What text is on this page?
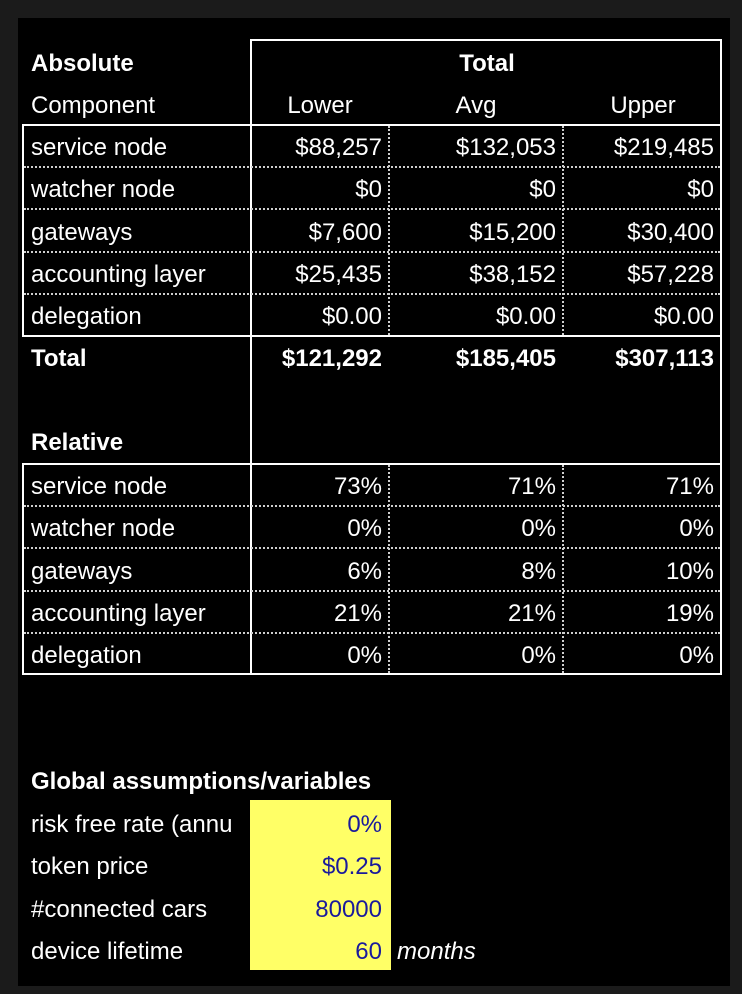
Absolute	Total
Component	Lower	Avg	Upper
service node	$88,257	$132,053	$219,485
watcher node	$0	$0	$0
gateways	$7,600	$15,200	$30,400
accounting layer	$25,435	$38,152	$57,228
delegation	$0.00	$0.00	$0.00
Total	$121,292	$185,405	$307,113
Relative
service node	73%	71%	71%
watcher node	0%	0%	0%
gateways	6%	8%	10%
accounting layer	21%	21%	19%
delegation	0%	0%	0%
Global assumptions/variables
risk free rate (annu	0%
token price	$0.25
#connected cars	80000
device lifetime	60 months
